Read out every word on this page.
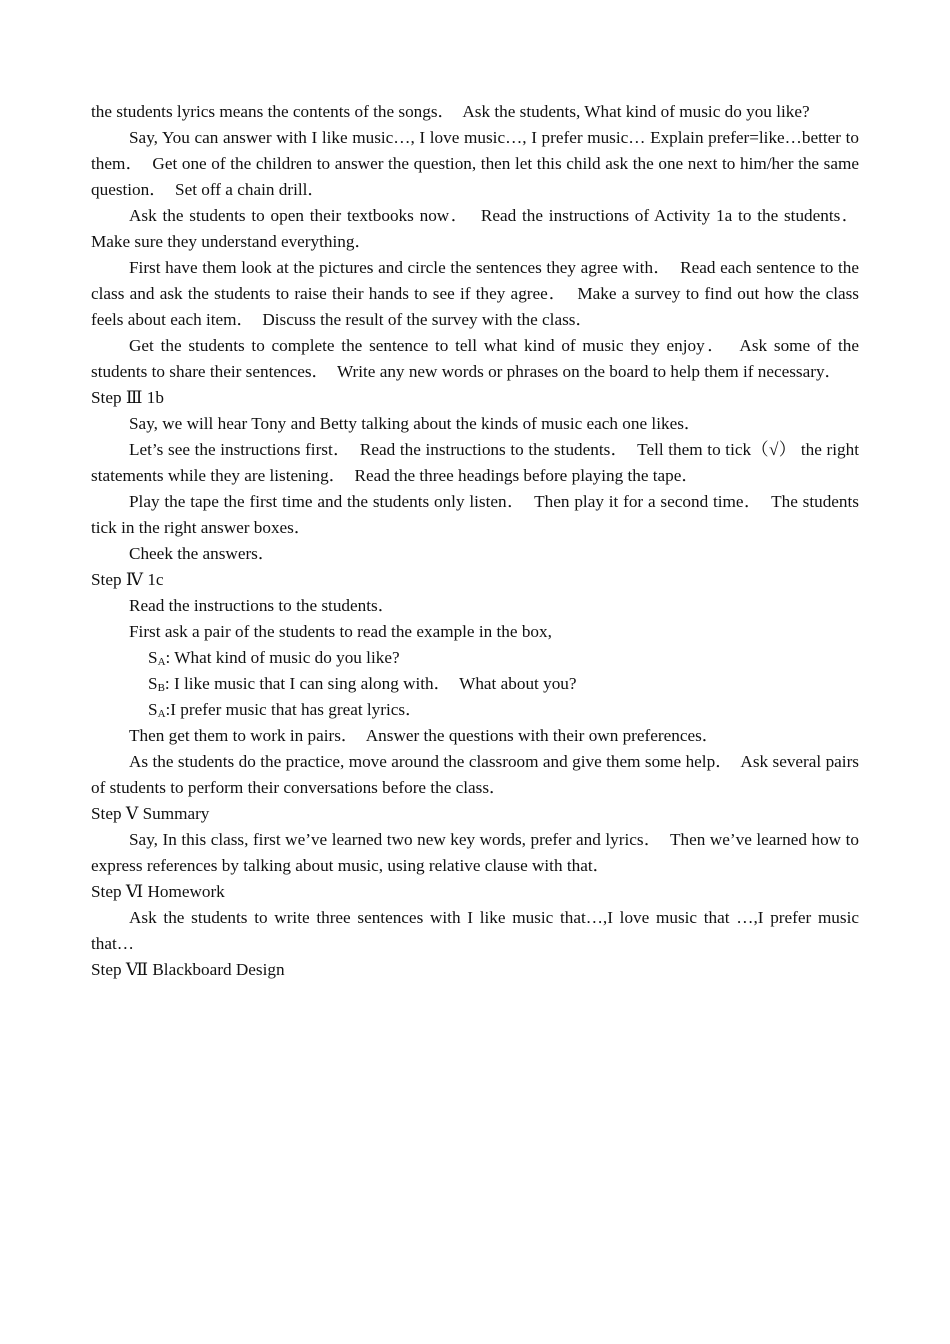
the students lyrics means the contents of the songs．  Ask the students, What kind of music do you like?

Say, You can answer with I like music…, I love music…, I prefer music… Explain prefer=like…better to them．  Get one of the children to answer the question, then let this child ask the one next to him/her the same question．  Set off a chain drill．

Ask the students to open their textbooks now．  Read the instructions of Activity 1a to the students．  Make sure they understand everything．

First have them look at the pictures and circle the sentences they agree with．  Read each sentence to the class and ask the students to raise their hands to see if they agree．  Make a survey to find out how the class feels about each item．  Discuss the result of the survey with the class．

Get the students to complete the sentence to tell what kind of music they enjoy．  Ask some of the students to share their sentences．  Write any new words or phrases on the board to help them if necessary．

Step Ⅲ 1b

Say, we will hear Tony and Betty talking about the kinds of music each one likes．

Let’s see the instructions first．  Read the instructions to the students．  Tell them to tick（√） the right statements while they are listening．  Read the three headings before playing the tape．

Play the tape the first time and the students only listen．  Then play it for a second time．  The students tick in the right answer boxes．

Cheek the answers．

Step Ⅳ 1c

Read the instructions to the students．

First ask a pair of the students to read the example in the box,

$S_A$: What kind of music do you like?

$S_B$: I like music that I can sing along with．  What about you?

$S_A:I$ prefer music that has great lyrics．

Then get them to work in pairs．  Answer the questions with their own preferences．

As the students do the practice, move around the classroom and give them some help．  Ask several pairs of students to perform their conversations before the class．

Step Ⅴ Summary

Say, In this class, first we’ve learned two new key words, prefer and lyrics．  Then we’ve learned how to express references by talking about music, using relative clause with that．

Step Ⅵ Homework

Ask the students to write three sentences with I like music that…,I love music that …,I prefer music that…

Step Ⅶ Blackboard Design
